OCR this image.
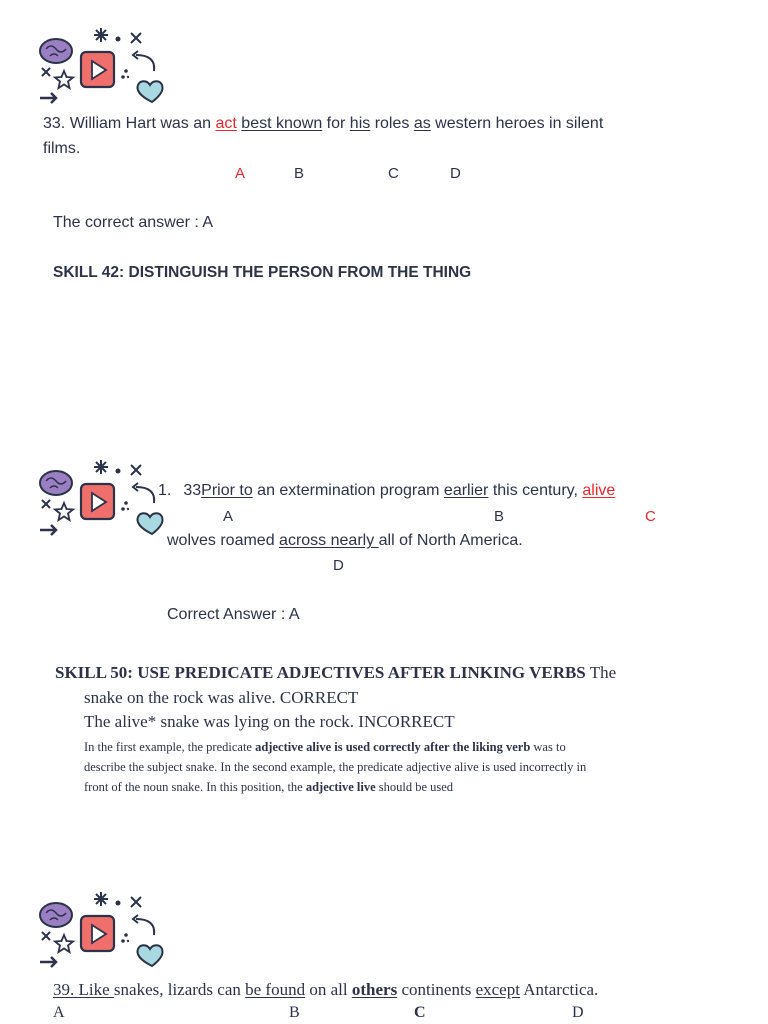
33. William Hart was an act best known for his roles as western heroes in silent
films.
A	B	C	D
The correct answer : A
SKILL 42: DISTINGUISH THE PERSON FROM THE THING
1. 33Prior to an extermination program earlier this century, alive
A	B	C
wolves roamed across nearly all of North America.
D
Correct Answer : A
SKILL 50: USE PREDICATE ADJECTIVES AFTER LINKING VERBS The
snake on the rock was alive. CORRECT
The alive* snake was lying on the rock. INCORRECT
In the first example, the predicate adjective alive is used correctly after the liking verb was to
describe the subject snake. In the second example, the predicate adjective alive is used incorrectly in
front of the noun snake. In this position, the adjective live should be used
39. Like snakes, lizards can be found on all others continents except Antarctica.
A	B	C	D
